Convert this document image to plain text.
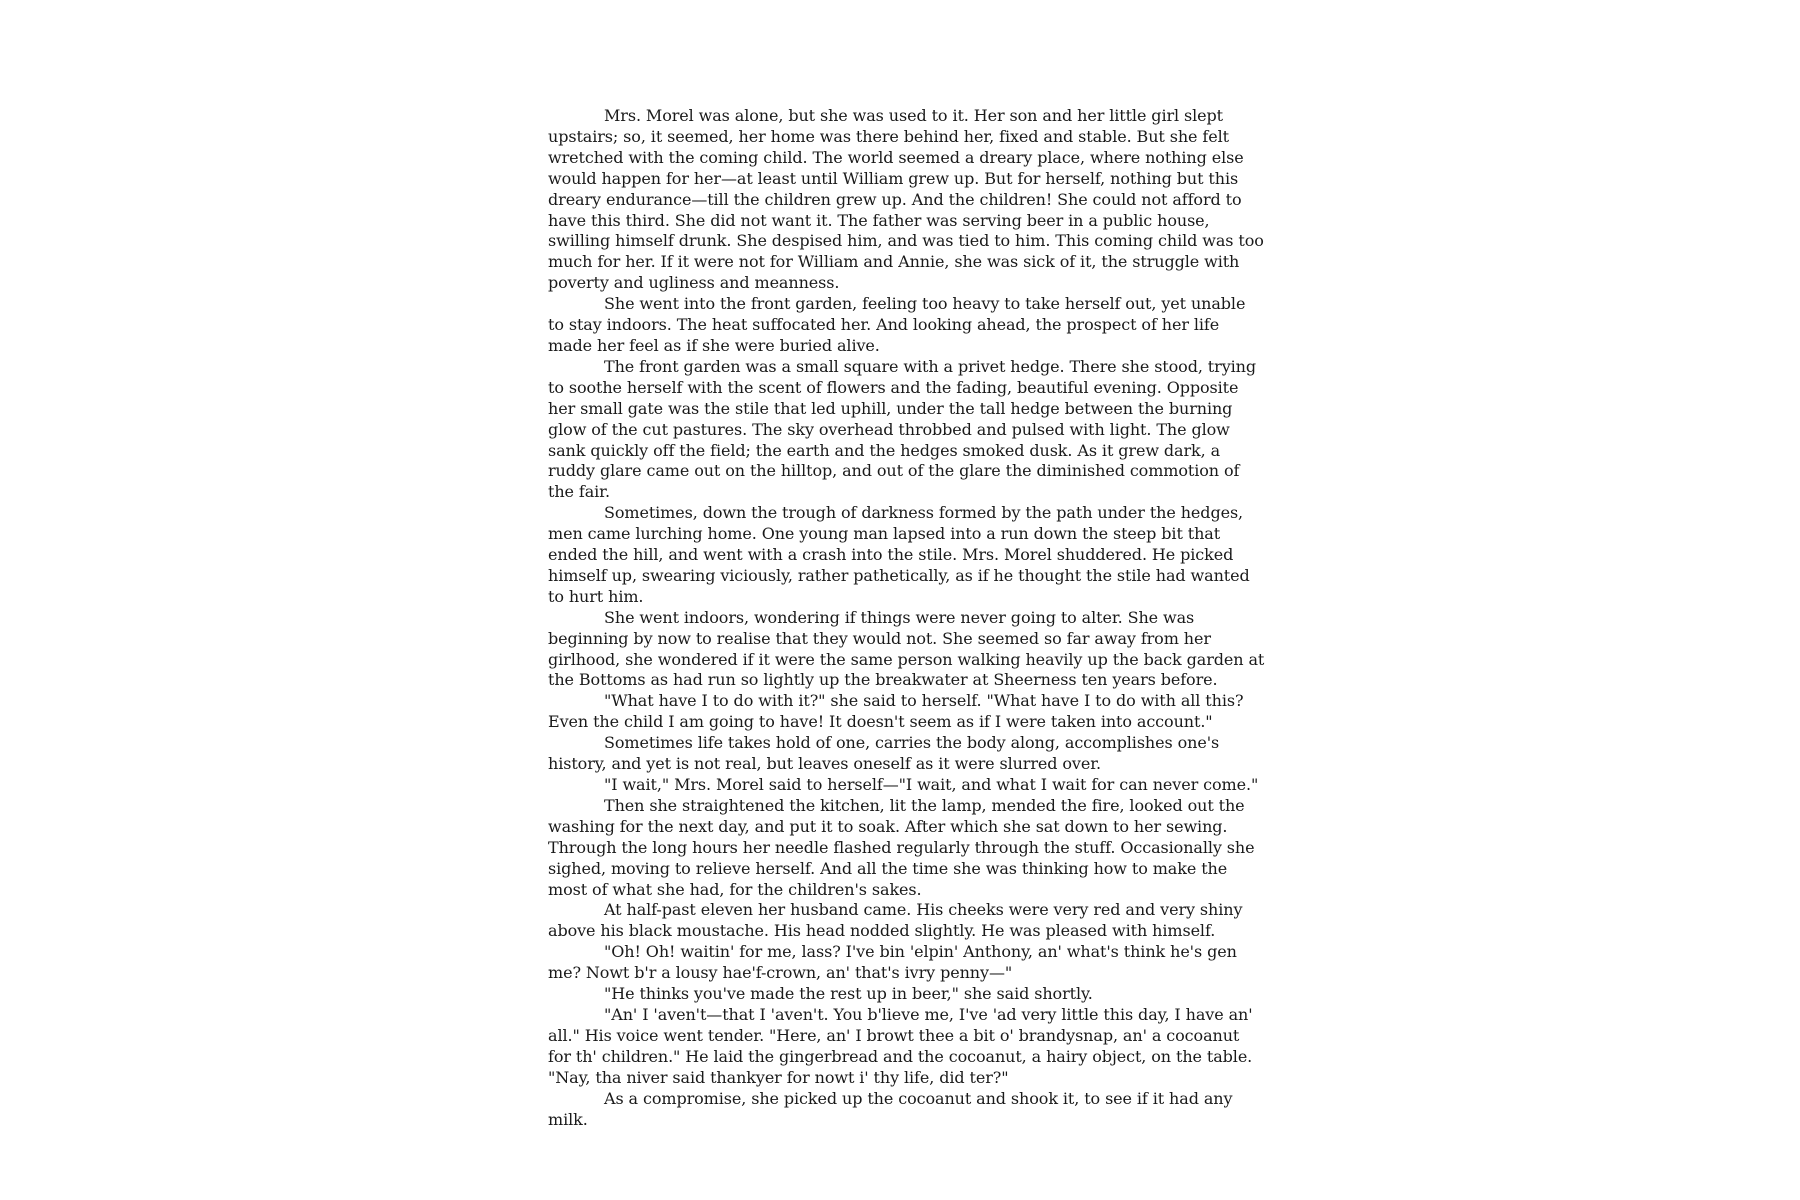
Mrs. Morel was alone, but she was used to it. Her son and her little girl slept upstairs; so, it seemed, her home was there behind her, fixed and stable. But she felt wretched with the coming child. The world seemed a dreary place, where nothing else would happen for her—at least until William grew up. But for herself, nothing but this dreary endurance—till the children grew up. And the children! She could not afford to have this third. She did not want it. The father was serving beer in a public house, swilling himself drunk. She despised him, and was tied to him. This coming child was too much for her. If it were not for William and Annie, she was sick of it, the struggle with poverty and ugliness and meanness.

She went into the front garden, feeling too heavy to take herself out, yet unable to stay indoors. The heat suffocated her. And looking ahead, the prospect of her life made her feel as if she were buried alive.

The front garden was a small square with a privet hedge. There she stood, trying to soothe herself with the scent of flowers and the fading, beautiful evening. Opposite her small gate was the stile that led uphill, under the tall hedge between the burning glow of the cut pastures. The sky overhead throbbed and pulsed with light. The glow sank quickly off the field; the earth and the hedges smoked dusk. As it grew dark, a ruddy glare came out on the hilltop, and out of the glare the diminished commotion of the fair.

Sometimes, down the trough of darkness formed by the path under the hedges, men came lurching home. One young man lapsed into a run down the steep bit that ended the hill, and went with a crash into the stile. Mrs. Morel shuddered. He picked himself up, swearing viciously, rather pathetically, as if he thought the stile had wanted to hurt him.

She went indoors, wondering if things were never going to alter. She was beginning by now to realise that they would not. She seemed so far away from her girlhood, she wondered if it were the same person walking heavily up the back garden at the Bottoms as had run so lightly up the breakwater at Sheerness ten years before.

"What have I to do with it?" she said to herself. "What have I to do with all this? Even the child I am going to have! It doesn't seem as if I were taken into account."

Sometimes life takes hold of one, carries the body along, accomplishes one's history, and yet is not real, but leaves oneself as it were slurred over.

"I wait," Mrs. Morel said to herself—"I wait, and what I wait for can never come."

Then she straightened the kitchen, lit the lamp, mended the fire, looked out the washing for the next day, and put it to soak. After which she sat down to her sewing. Through the long hours her needle flashed regularly through the stuff. Occasionally she sighed, moving to relieve herself. And all the time she was thinking how to make the most of what she had, for the children's sakes.

At half-past eleven her husband came. His cheeks were very red and very shiny above his black moustache. His head nodded slightly. He was pleased with himself.

"Oh! Oh! waitin' for me, lass? I've bin 'elpin' Anthony, an' what's think he's gen me? Nowt b'r a lousy hae'f-crown, an' that's ivry penny—"

"He thinks you've made the rest up in beer," she said shortly.

"An' I 'aven't—that I 'aven't. You b'lieve me, I've 'ad very little this day, I have an' all." His voice went tender. "Here, an' I browt thee a bit o' brandysnap, an' a cocoanut for th' children." He laid the gingerbread and the cocoanut, a hairy object, on the table. "Nay, tha niver said thankyer for nowt i' thy life, did ter?"

As a compromise, she picked up the cocoanut and shook it, to see if it had any milk.
